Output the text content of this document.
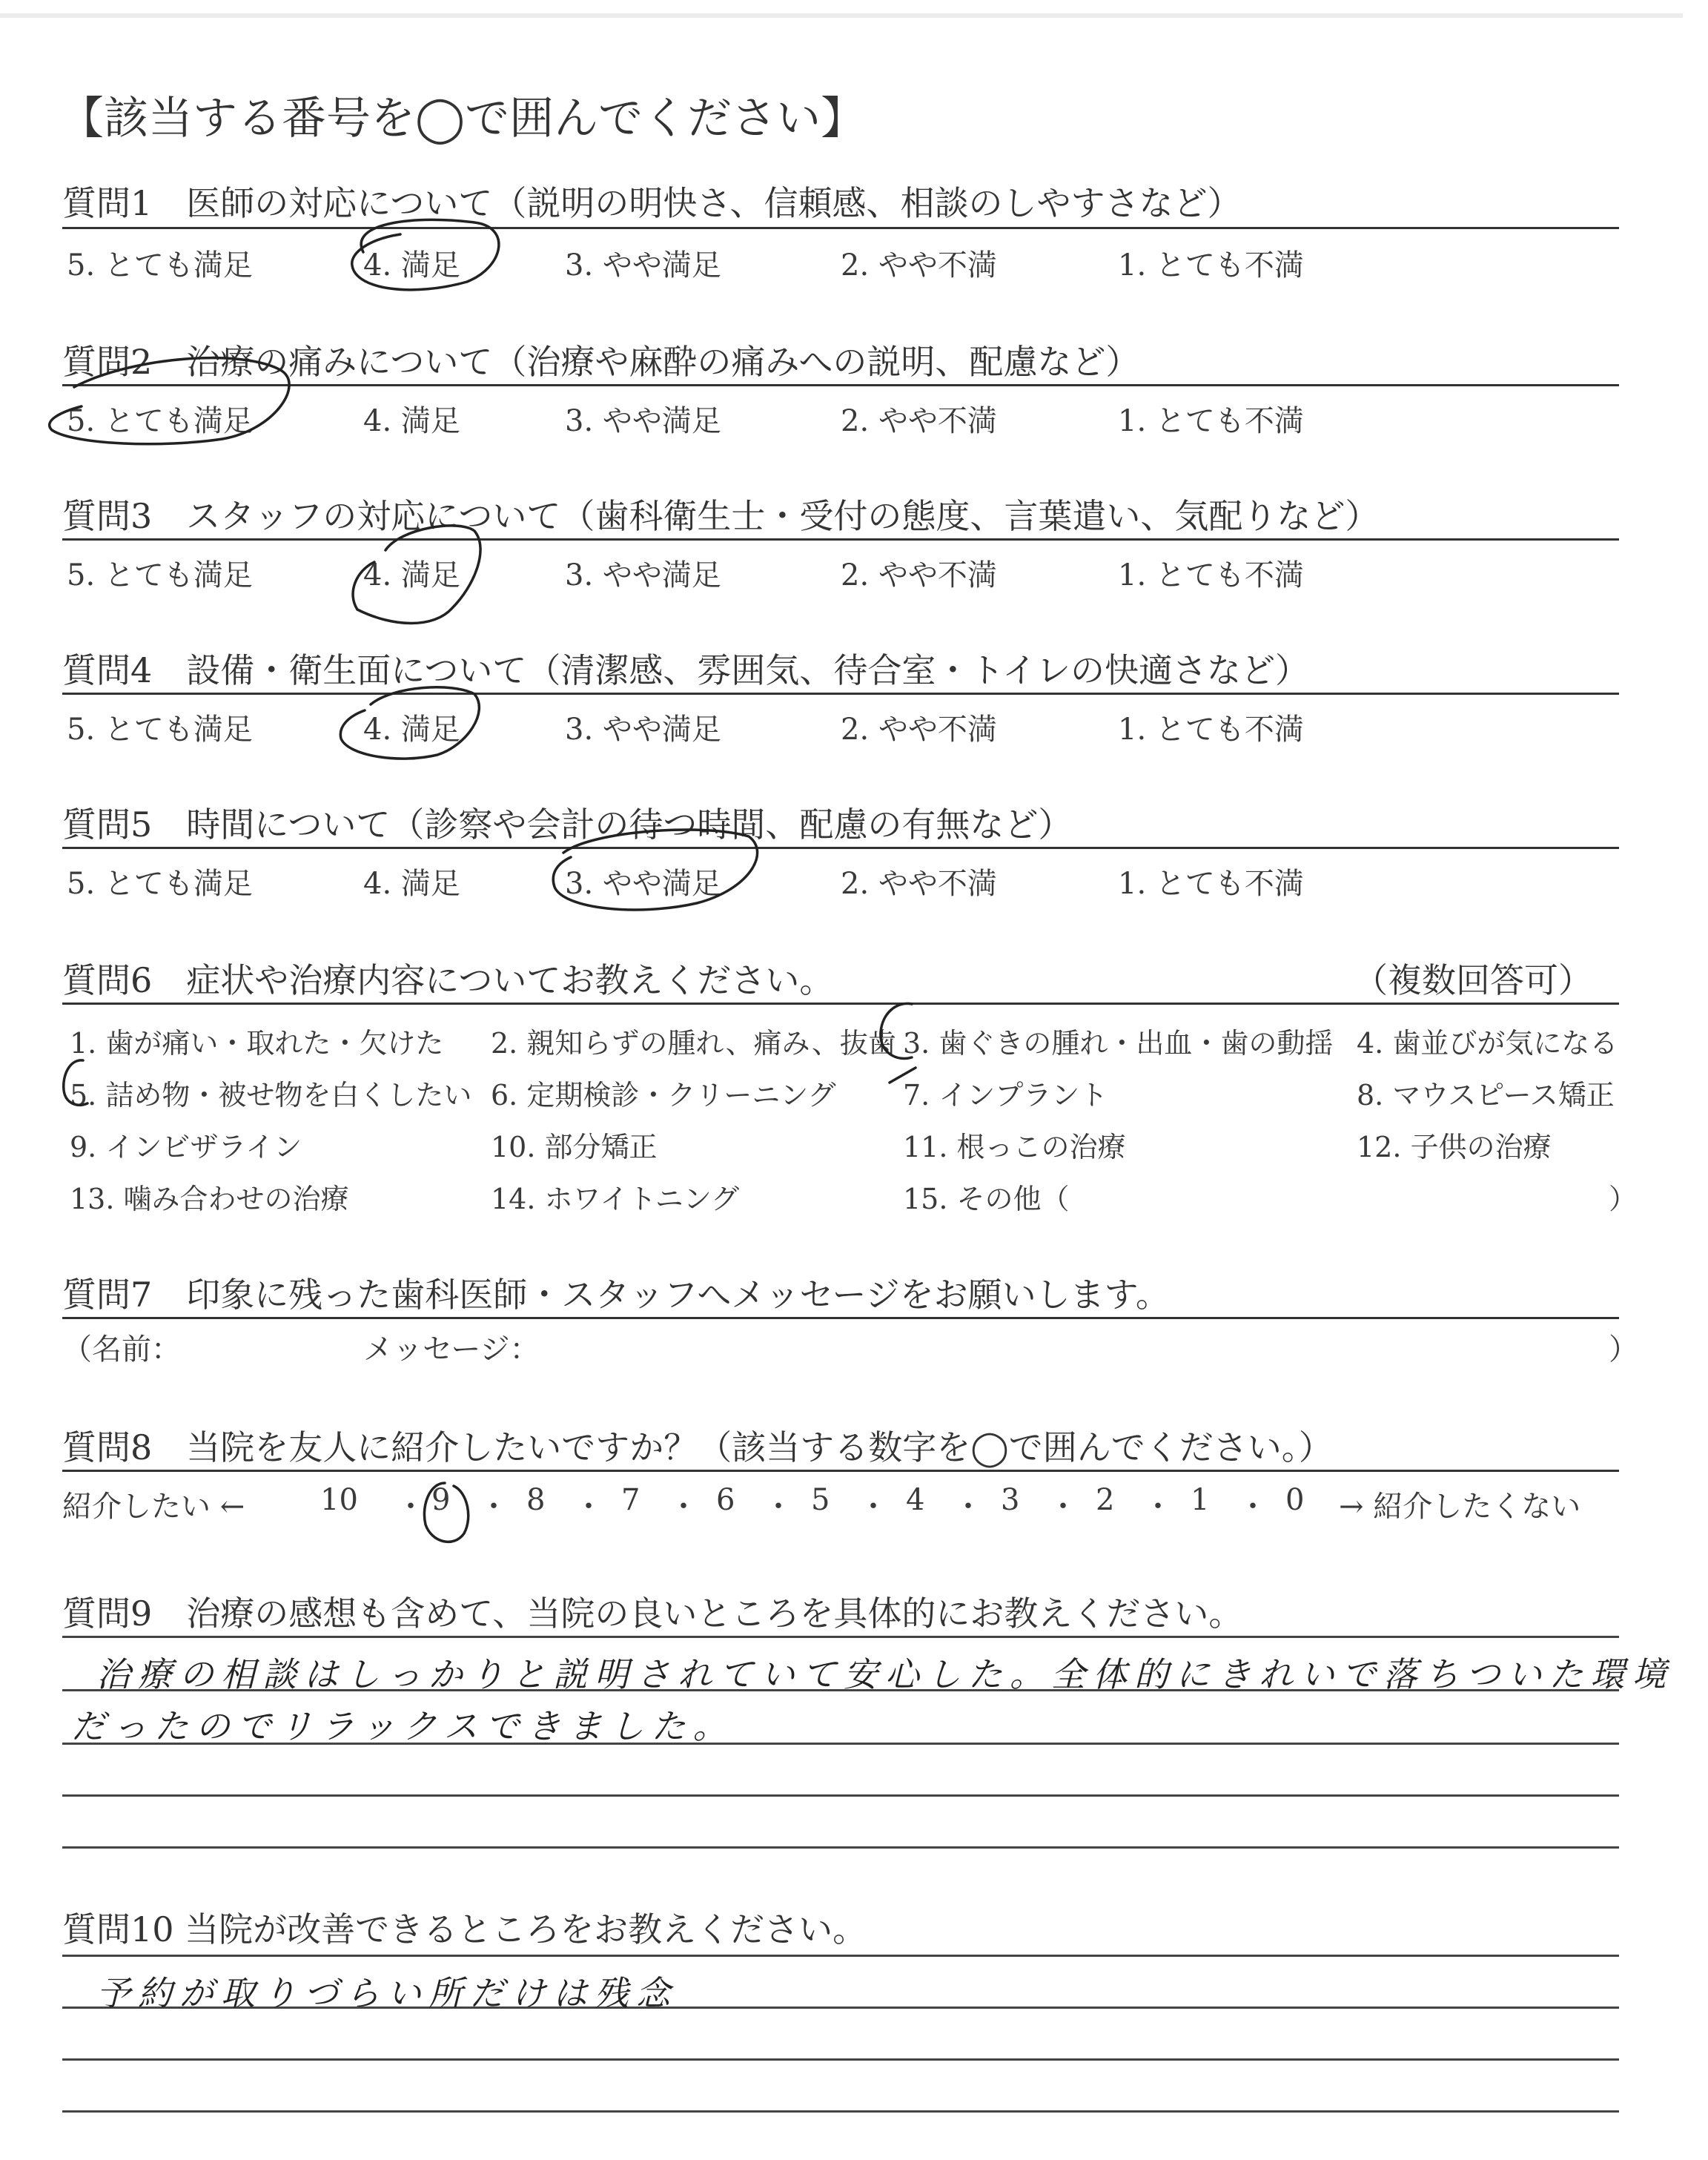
【該当する番号を◯で囲んでください】
質問1　医師の対応について（説明の明快さ、信頼感、相談のしやすさなど）
5. とても満足	4. 満足	3. やや満足	2. やや不満	1. とても不満
質問2　治療の痛みについて（治療や麻酔の痛みへの説明、配慮など）
5. とても満足	4. 満足	3. やや満足	2. やや不満	1. とても不満
質問3　スタッフの対応について（歯科衛生士・受付の態度、言葉遣い、気配りなど）
5. とても満足	4. 満足	3. やや満足	2. やや不満	1. とても不満
質問4　設備・衛生面について（清潔感、雰囲気、待合室・トイレの快適さなど）
5. とても満足	4. 満足	3. やや満足	2. やや不満	1. とても不満
質問5　時間について（診察や会計の待つ時間、配慮の有無など）
5. とても満足	4. 満足	3. やや満足	2. やや不満	1. とても不満
質問6　症状や治療内容についてお教えください。	（複数回答可）
1. 歯が痛い・取れた・欠けた 2. 親知らずの腫れ、痛み、抜歯 3. 歯ぐきの腫れ・出血・歯の動揺 4. 歯並びが気になる
5. 詰め物・被せ物を白くしたい 6. 定期検診・クリーニング 7. インプラント	8. マウスピース矯正
9. インビザライン	10. 部分矯正	11. 根っこの治療	12. 子供の治療
13. 噛み合わせの治療	14. ホワイトニング	15. その他（	）
質問7　印象に残った歯科医師・スタッフへメッセージをお願いします。
（名前：	メッセージ：	）
質問8　当院を友人に紹介したいですか？（該当する数字を◯で囲んでください。）
紹介したい ←	→ 紹介したくない
10 9	8	7	6	5	4	3	2	1	0
・ ・ ・ ・ ・ ・ ・ ・ ・ ・
質問9　治療の感想も含めて、当院の良いところを具体的にお教えください。
治療の相談はしっかりと説明されていて安心した。全体的にきれいで落ちついた環境
だったのでリラックスできました。
質問10 当院が改善できるところをお教えください。
予約が取りづらい所だけは残念
